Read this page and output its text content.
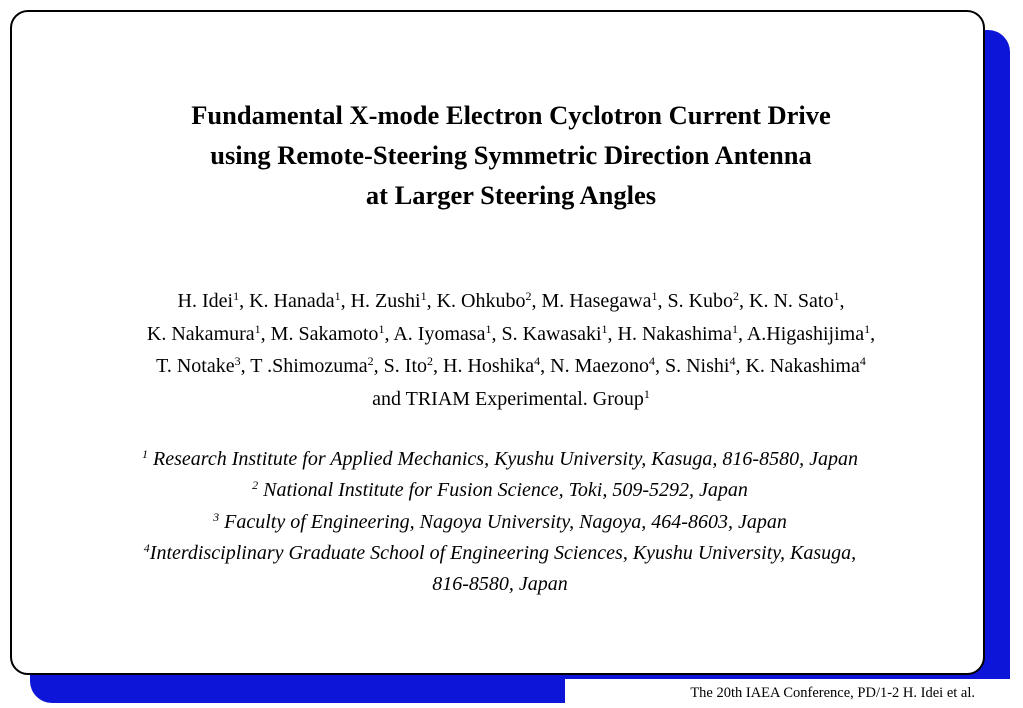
Fundamental X-mode Electron Cyclotron Current Drive
using Remote-Steering Symmetric Direction Antenna
at Larger Steering Angles
H. Idei$^1$, K. Hanada$^1$, H. Zushi$^1$, K. Ohkubo$^2$, M. Hasegawa$^1$, S. Kubo$^2$, K. N. Sato$^1$,
K. Nakamura$^1$, M. Sakamoto$^1$, A. Iyomasa$^1$, S. Kawasaki$^1$, H. Nakashima$^1$, A.Higashijima$^1$,
T. Notake$^3$, T .Shimozuma$^2$, S. Ito$^2$, H. Hoshika$^4$, N. Maezono$^4$, S. Nishi$^4$, K. Nakashima$^4$
and TRIAM Experimental. Group$^1$
$^1$ Research Institute for Applied Mechanics, Kyushu University, Kasuga, 816-8580, Japan
$^2$ National Institute for Fusion Science, Toki, 509-5292, Japan
$^3$ Faculty of Engineering, Nagoya University, Nagoya, 464-8603, Japan
$^4$Interdisciplinary Graduate School of Engineering Sciences, Kyushu University, Kasuga,
816-8580, Japan
The 20th IAEA Conference, PD/1-2 H. Idei et al.
